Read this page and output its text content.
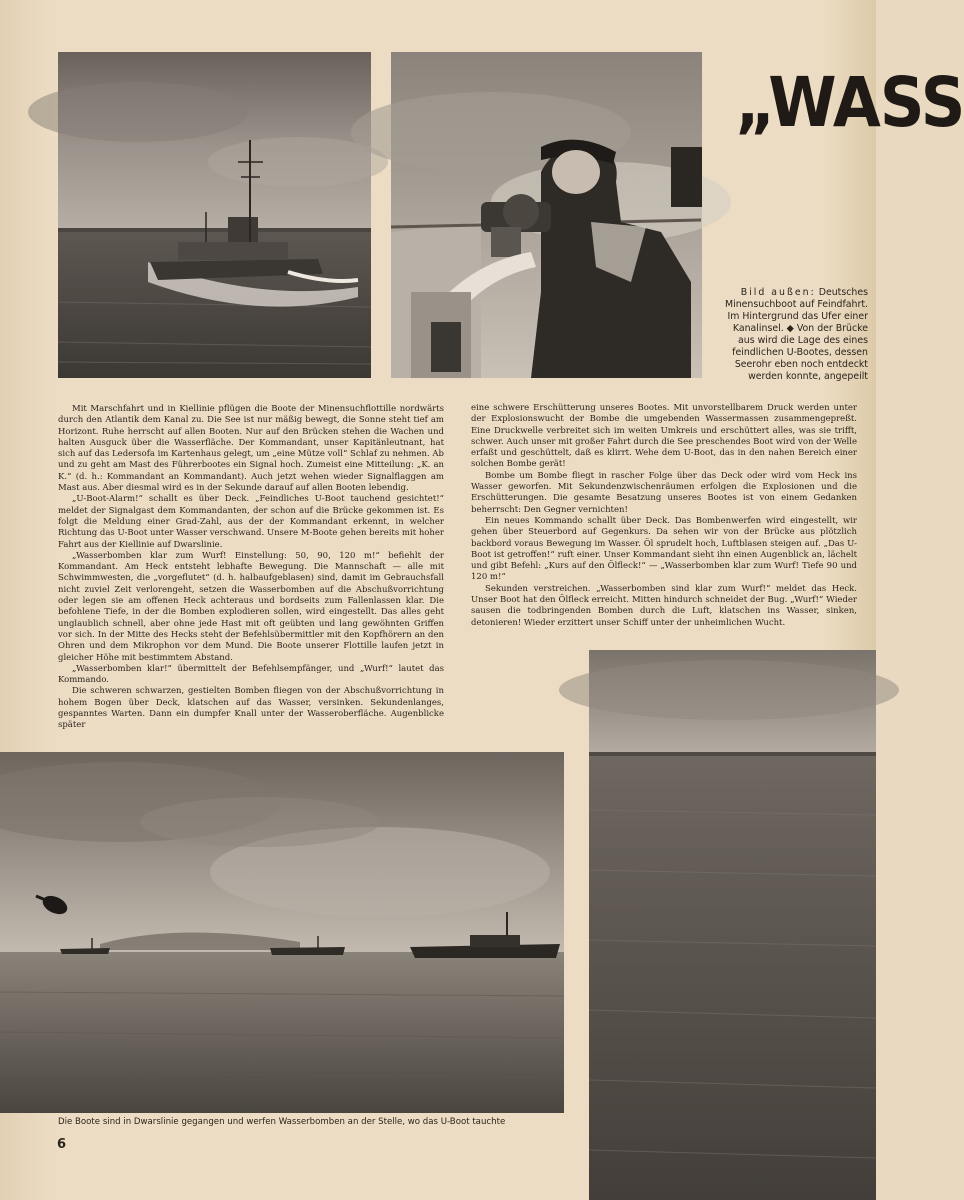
„WASS
Bild außen: Deutsches Minensuchboot auf Feindfahrt. Im Hintergrund das Ufer einer Kanalinsel. ◆ Von der Brücke aus wird die Lage des eines feindlichen U-Bootes, dessen Seerohr eben noch entdeckt werden konnte, angepeilt

Mit Marschfahrt und in Kiellinie pflügen die Boote der Minensuchflottille nordwärts durch den Atlantik dem Kanal zu. Die See ist nur mäßig bewegt, die Sonne steht tief am Horizont. Ruhe herrscht auf allen Booten. Nur auf den Brücken stehen die Wachen und halten Ausguck über die Wasserfläche. Der Kommandant, unser Kapitänleutnant, hat sich auf das Ledersofa im Kartenhaus gelegt, um „eine Mütze voll“ Schlaf zu nehmen. Ab und zu geht am Mast des Führerbootes ein Signal hoch. Zumeist eine Mitteilung: „K. an K.“ (d. h.: Kommandant an Kommandant). Auch jetzt wehen wieder Signalflaggen am Mast aus. Aber diesmal wird es in der Sekunde darauf auf allen Booten lebendig.

„U-Boot-Alarm!“ schallt es über Deck. „Feindliches U-Boot tauchend gesichtet!“ meldet der Signalgast dem Kommandanten, der schon auf die Brücke gekommen ist. Es folgt die Meldung einer Grad-Zahl, aus der der Kommandant erkennt, in welcher Richtung das U-Boot unter Wasser verschwand. Unsere M-Boote gehen bereits mit hoher Fahrt aus der Kiellinie auf Dwarslinie.

„Wasserbomben klar zum Wurf! Einstellung: 50, 90, 120 m!“ befiehlt der Kommandant. Am Heck entsteht lebhafte Bewegung. Die Mannschaft — alle mit Schwimmwesten, die „vorgeflutet“ (d. h. halbaufgeblasen) sind, damit im Gebrauchsfall nicht zuviel Zeit verlorengeht, setzen die Wasserbomben auf die Abschußvorrichtung oder legen sie am offenen Heck achteraus und bordseits zum Fallenlassen klar. Die befohlene Tiefe, in der die Bomben explodieren sollen, wird eingestellt. Das alles geht unglaublich schnell, aber ohne jede Hast mit oft geübten und lang gewöhnten Griffen vor sich. In der Mitte des Hecks steht der Befehlsübermittler mit den Kopfhörern an den Ohren und dem Mikrophon vor dem Mund. Die Boote unserer Flottille laufen jetzt in gleicher Höhe mit bestimmtem Abstand.

„Wasserbomben klar!“ übermittelt der Befehlsempfänger, und „Wurf!“ lautet das Kommando.

Die schweren schwarzen, gestielten Bomben fliegen von der Abschußvorrichtung in hohem Bogen über Deck, klatschen auf das Wasser, versinken. Sekundenlanges, gespanntes Warten. Dann ein dumpfer Knall unter der Wasseroberfläche. Augenblicke später

eine schwere Erschütterung unseres Bootes. Mit unvorstellbarem Druck werden unter der Explosionswucht der Bombe die umgebenden Wassermassen zusammengepreßt. Eine Druckwelle verbreitet sich im weiten Umkreis und erschüttert alles, was sie trifft, schwer. Auch unser mit großer Fahrt durch die See preschendes Boot wird von der Welle erfaßt und geschüttelt, daß es klirrt. Wehe dem U-Boot, das in den nahen Bereich einer solchen Bombe gerät!

Bombe um Bombe fliegt in rascher Folge über das Deck oder wird vom Heck ins Wasser geworfen. Mit Sekundenzwischenräumen erfolgen die Explosionen und die Erschütterungen. Die gesamte Besatzung unseres Bootes ist von einem Gedanken beherrscht: Den Gegner vernichten!

Ein neues Kommando schallt über Deck. Das Bombenwerfen wird eingestellt, wir gehen über Steuerbord auf Gegenkurs. Da sehen wir von der Brücke aus plötzlich backbord voraus Bewegung im Wasser. Öl sprudelt hoch, Luftblasen steigen auf. „Das U-Boot ist getroffen!“ ruft einer. Unser Kommandant sieht ihn einen Augenblick an, lächelt und gibt Befehl: „Kurs auf den Ölfleck!“ — „Wasserbomben klar zum Wurf! Tiefe 90 und 120 m!“

Sekunden verstreichen. „Wasserbomben sind klar zum Wurf!“ meldet das Heck. Unser Boot hat den Ölfleck erreicht. Mitten hindurch schneidet der Bug. „Wurf!“ Wieder sausen die todbringenden Bomben durch die Luft, klatschen ins Wasser, sinken, detonieren! Wieder erzittert unser Schiff unter der unheimlichen Wucht.

Die Boote sind in Dwarslinie gegangen und werfen Wasserbomben an der Stelle, wo das U-Boot tauchte
6
